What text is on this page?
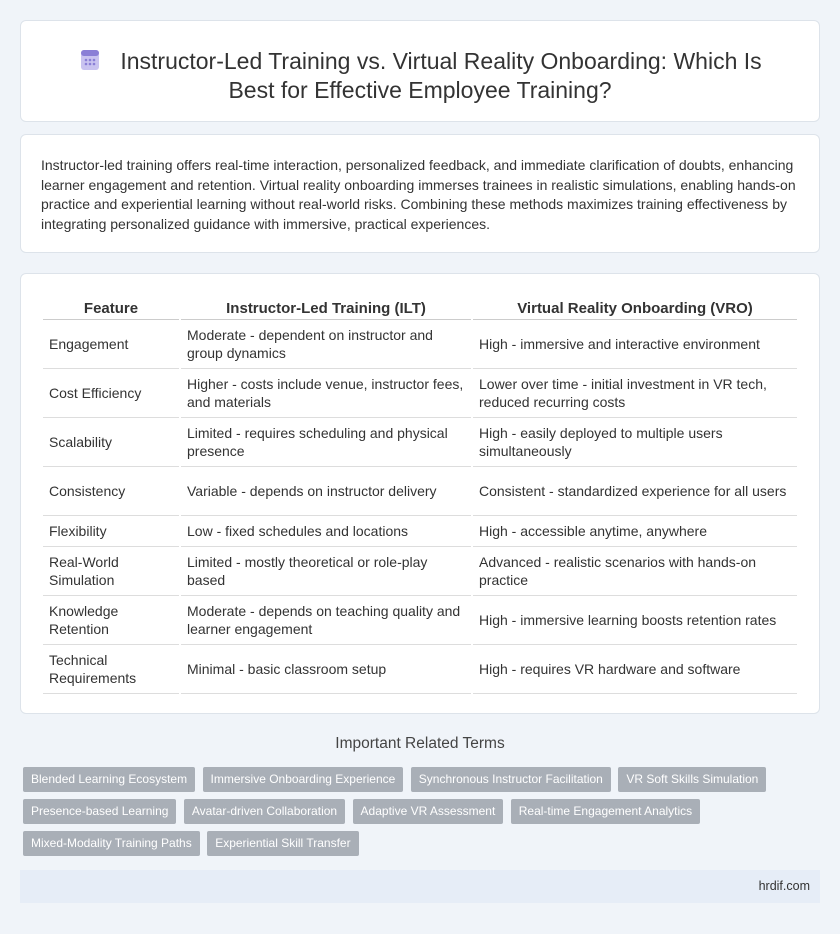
Instructor-Led Training vs. Virtual Reality Onboarding: Which Is Best for Effective Employee Training?

Instructor-led training offers real-time interaction, personalized feedback, and immediate clarification of doubts, enhancing learner engagement and retention. Virtual reality onboarding immerses trainees in realistic simulations, enabling hands-on practice and experiential learning without real-world risks. Combining these methods maximizes training effectiveness by integrating personalized guidance with immersive, practical experiences.

Feature	Instructor-Led Training (ILT)	Virtual Reality Onboarding (VRO)
Engagement	Moderate - dependent on instructor and group dynamics	High - immersive and interactive environment
Cost Efficiency	Higher - costs include venue, instructor fees, and materials	Lower over time - initial investment in VR tech, reduced recurring costs
Scalability	Limited - requires scheduling and physical presence	High - easily deployed to multiple users simultaneously
Consistency	Variable - depends on instructor delivery	Consistent - standardized experience for all users
Flexibility	Low - fixed schedules and locations	High - accessible anytime, anywhere
Real-World Simulation	Limited - mostly theoretical or role-play based	Advanced - realistic scenarios with hands-on practice
Knowledge Retention	Moderate - depends on teaching quality and learner engagement	High - immersive learning boosts retention rates
Technical Requirements	Minimal - basic classroom setup	High - requires VR hardware and software
Important Related Terms
Blended Learning Ecosystem Immersive Onboarding Experience Synchronous Instructor Facilitation VR Soft Skills Simulation Presence-based Learning Avatar-driven Collaboration Adaptive VR Assessment Real-time Engagement Analytics Mixed-Modality Training Paths Experiential Skill Transfer
hrdif.com
